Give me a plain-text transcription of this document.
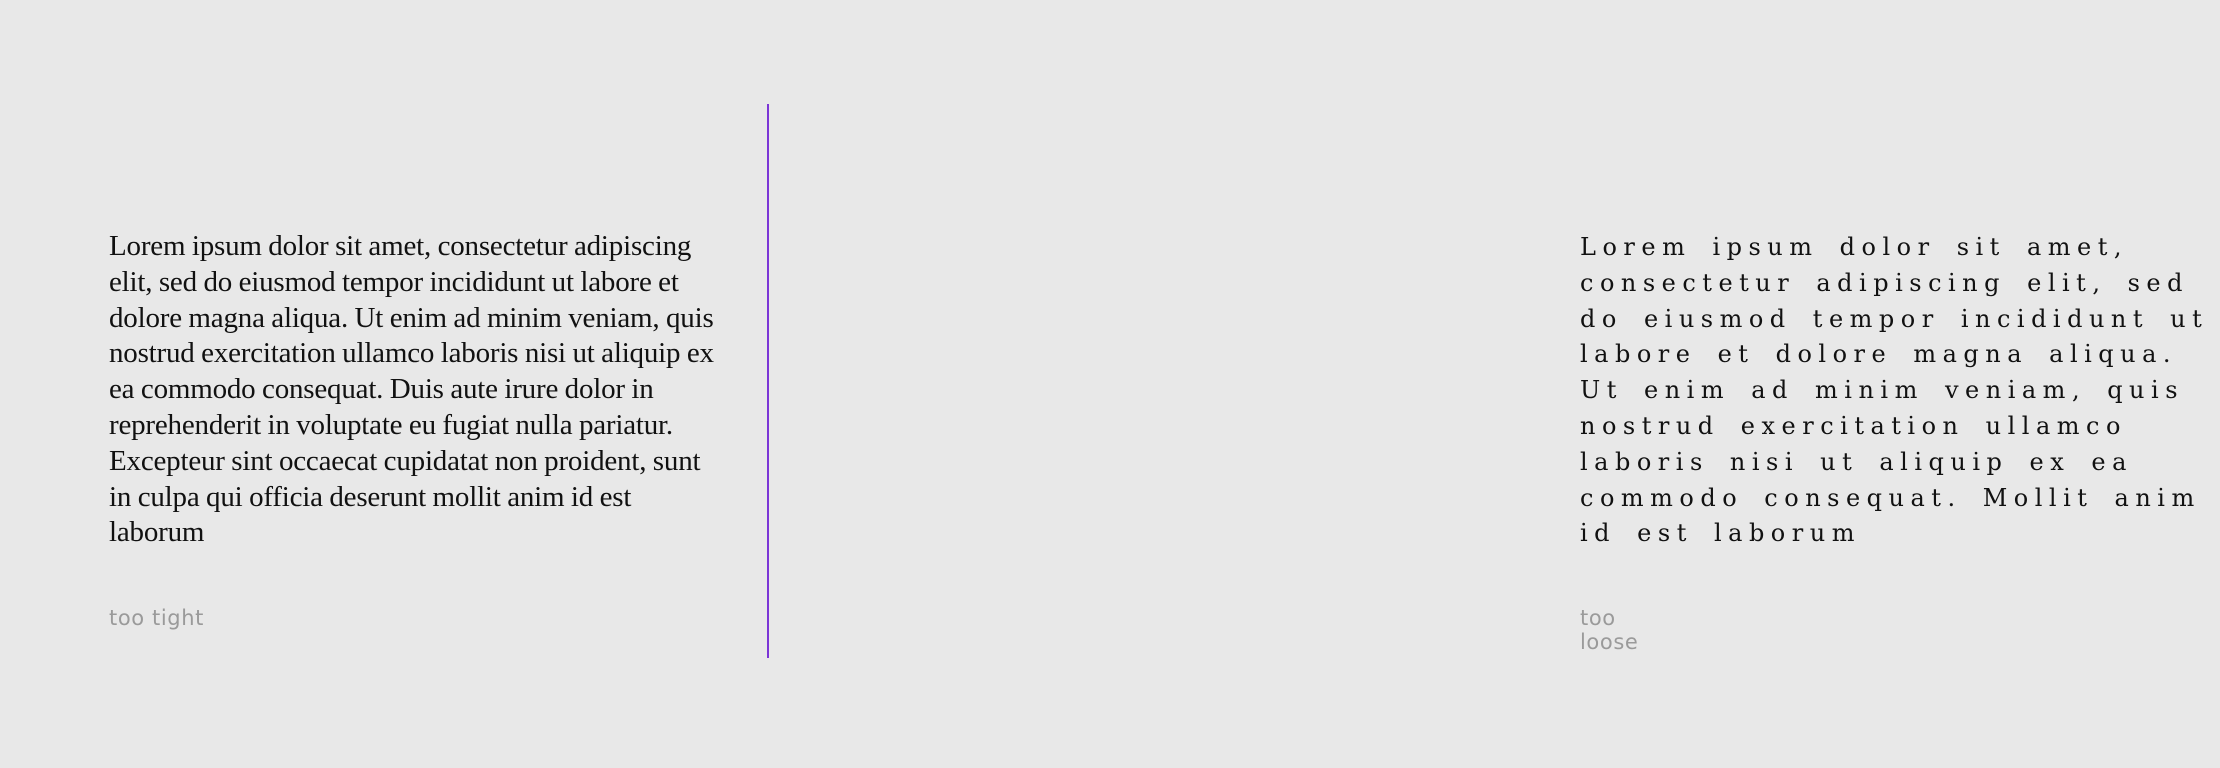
Lorem ipsum dolor sit amet, consectetur adipiscing elit, sed do eiusmod tempor incididunt ut labore et dolore magna aliqua. Ut enim ad minim veniam, quis nostrud exercitation ullamco laboris nisi ut aliquip ex ea commodo consequat. Duis aute irure dolor in reprehenderit in voluptate eu fugiat nulla pariatur. Excepteur sint occaecat cupidatat non proident, sunt in culpa qui officia deserunt mollit anim id est laborum

too tight

Lorem ipsum dolor sit amet, consectetur adipiscing elit, sed do eiusmod tempor incididunt ut labore et dolore magna aliqua. Ut enim ad minim veniam, quis nostrud exercitation ullamco laboris nisi ut aliquip ex ea commodo consequat. Mollit anim id est laborum

too loose
